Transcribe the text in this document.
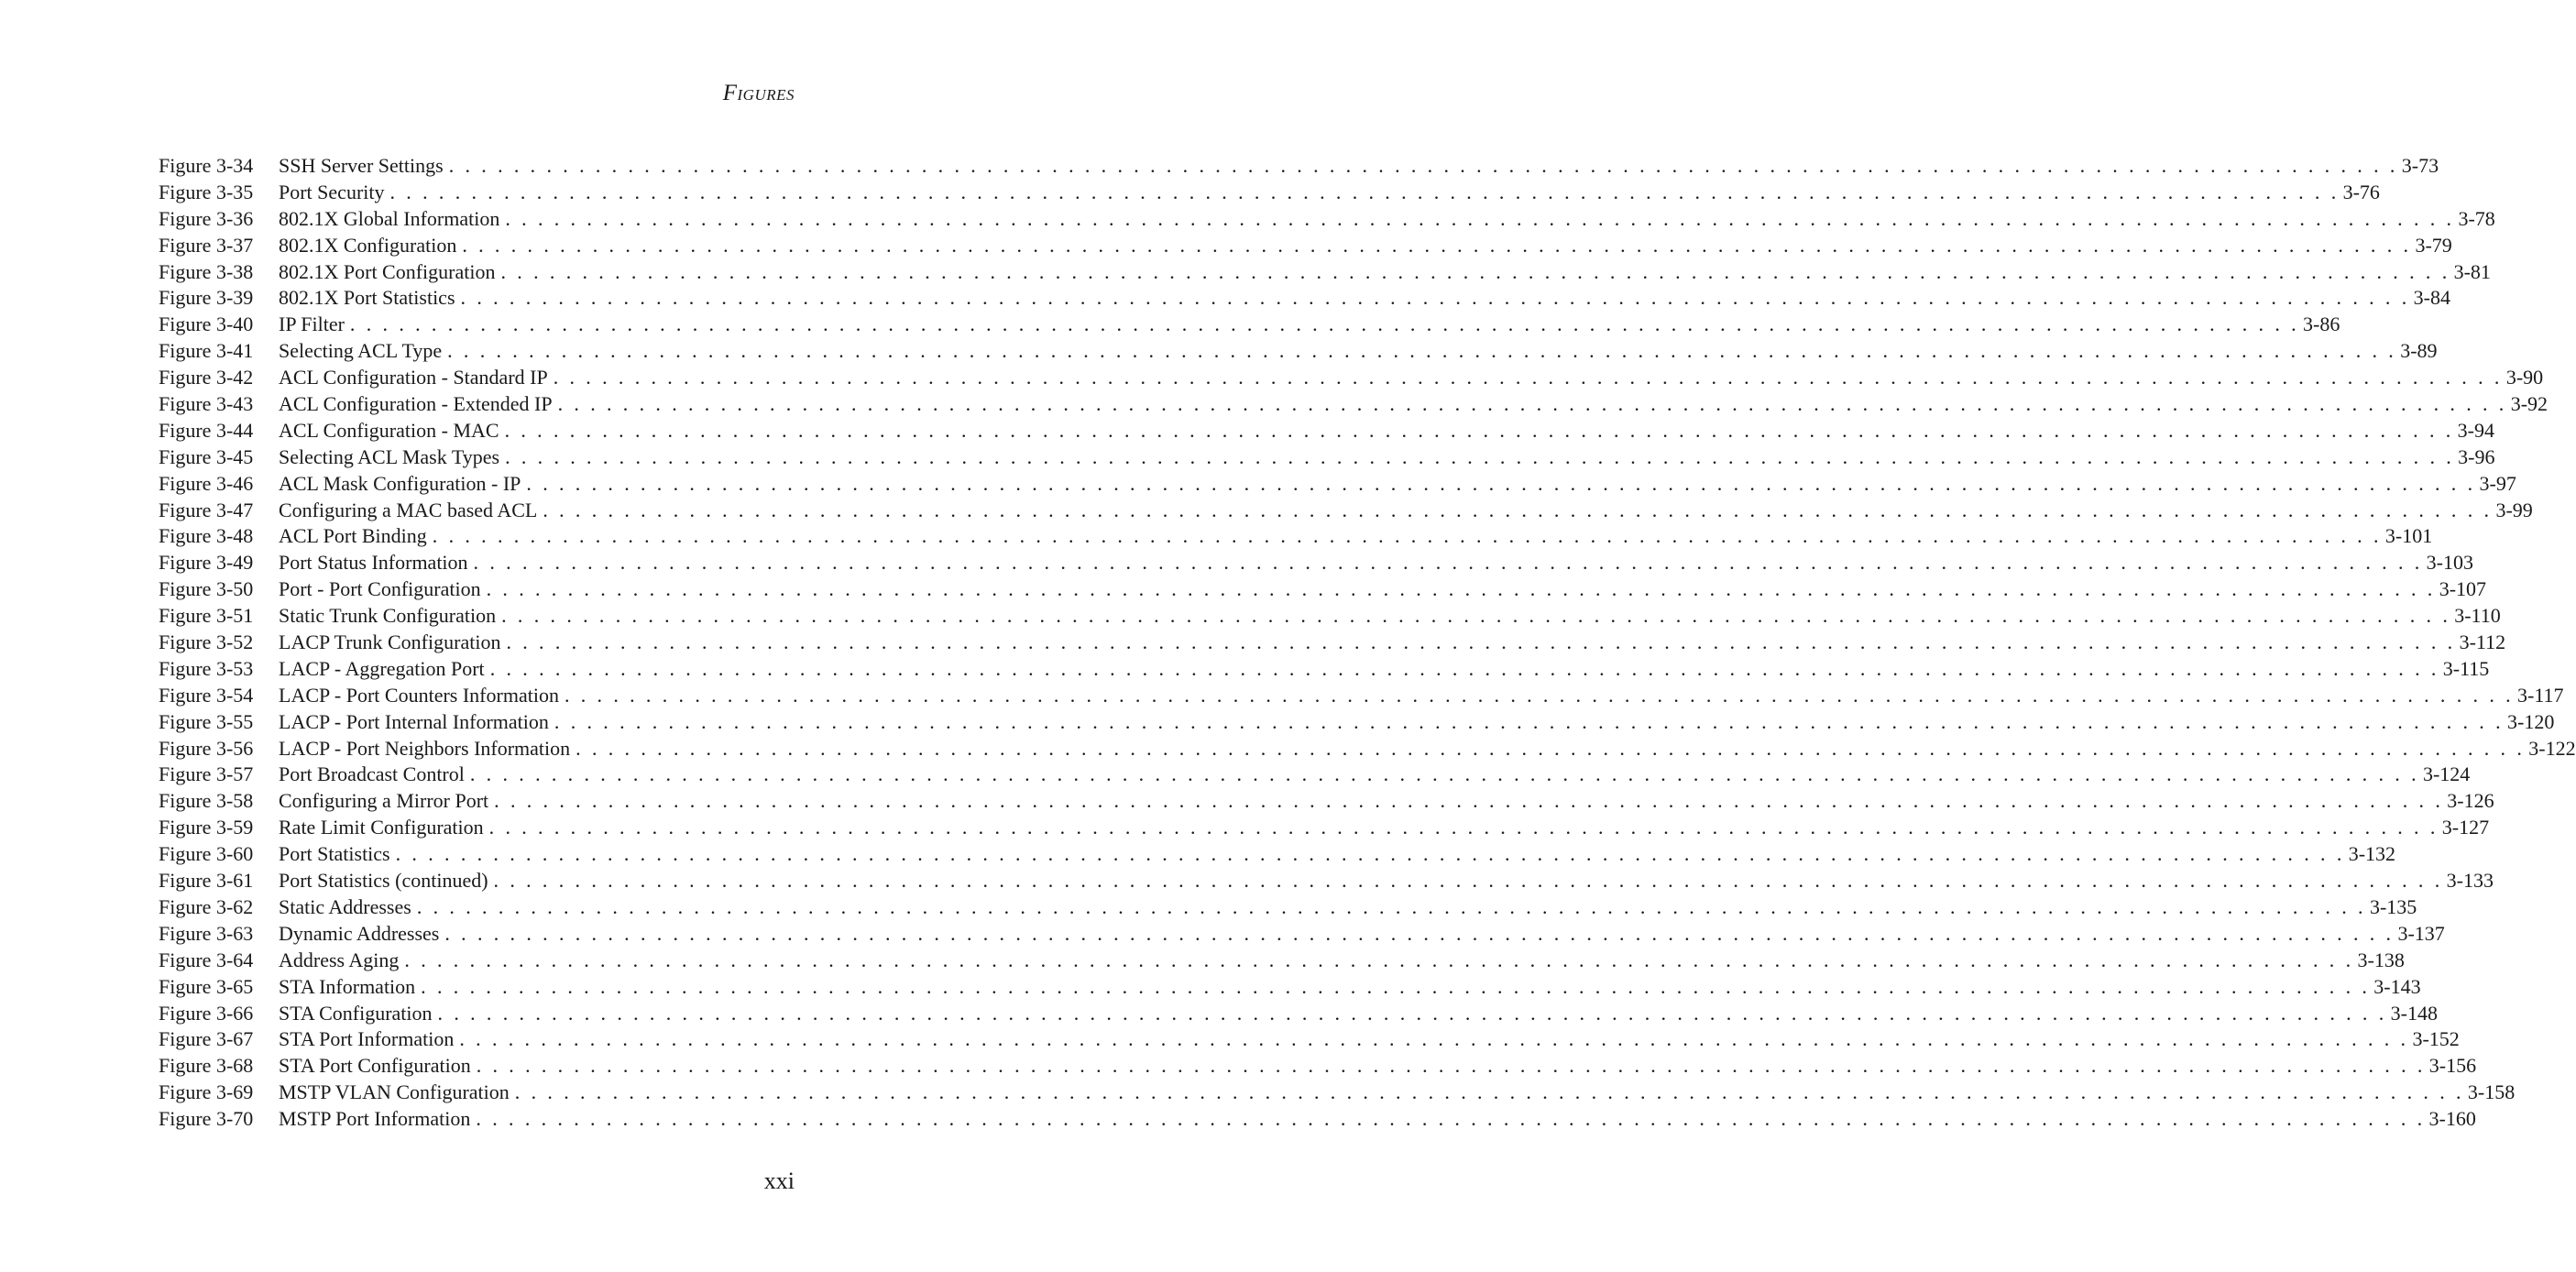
FIGURES
Figure 3-34	SSH Server Settings . . . . . . . . . . . . . . . . . . . . . . . . . . . . . . . . . . . . . . . . . . . . . . . . . . . . . . . . . . . . . . . . . . . . . . . . . . . . . . . . . . . . . . . . . . . . . . . . . . . . . . . . . . . . . . . . . . . . . . . . 3-73
Figure 3-35	Port Security . . . . . . . . . . . . . . . . . . . . . . . . . . . . . . . . . . . . . . . . . . . . . . . . . . . . . . . . . . . . . . . . . . . . . . . . . . . . . . . . . . . . . . . . . . . . . . . . . . . . . . . . . . . . . . . . . . . . . . . . 3-76
Figure 3-36	802.1X Global Information . . . . . . . . . . . . . . . . . . . . . . . . . . . . . . . . . . . . . . . . . . . . . . . . . . . . . . . . . . . . . . . . . . . . . . . . . . . . . . . . . . . . . . . . . . . . . . . . . . . . . . . . . . . . . . . . . . . . . . . . 3-78
Figure 3-37	802.1X Configuration . . . . . . . . . . . . . . . . . . . . . . . . . . . . . . . . . . . . . . . . . . . . . . . . . . . . . . . . . . . . . . . . . . . . . . . . . . . . . . . . . . . . . . . . . . . . . . . . . . . . . . . . . . . . . . . . . . . . . . . . 3-79
Figure 3-38	802.1X Port Configuration . . . . . . . . . . . . . . . . . . . . . . . . . . . . . . . . . . . . . . . . . . . . . . . . . . . . . . . . . . . . . . . . . . . . . . . . . . . . . . . . . . . . . . . . . . . . . . . . . . . . . . . . . . . . . . . . . . . . . . . . 3-81
Figure 3-39	802.1X Port Statistics . . . . . . . . . . . . . . . . . . . . . . . . . . . . . . . . . . . . . . . . . . . . . . . . . . . . . . . . . . . . . . . . . . . . . . . . . . . . . . . . . . . . . . . . . . . . . . . . . . . . . . . . . . . . . . . . . . . . . . . . 3-84
Figure 3-40	IP Filter . . . . . . . . . . . . . . . . . . . . . . . . . . . . . . . . . . . . . . . . . . . . . . . . . . . . . . . . . . . . . . . . . . . . . . . . . . . . . . . . . . . . . . . . . . . . . . . . . . . . . . . . . . . . . . . . . . . . . . . . 3-86
Figure 3-41	Selecting ACL Type . . . . . . . . . . . . . . . . . . . . . . . . . . . . . . . . . . . . . . . . . . . . . . . . . . . . . . . . . . . . . . . . . . . . . . . . . . . . . . . . . . . . . . . . . . . . . . . . . . . . . . . . . . . . . . . . . . . . . . . . 3-89
Figure 3-42	ACL Configuration - Standard IP . . . . . . . . . . . . . . . . . . . . . . . . . . . . . . . . . . . . . . . . . . . . . . . . . . . . . . . . . . . . . . . . . . . . . . . . . . . . . . . . . . . . . . . . . . . . . . . . . . . . . . . . . . . . . . . . . . . . . . . . 3-90
Figure 3-43	ACL Configuration - Extended IP . . . . . . . . . . . . . . . . . . . . . . . . . . . . . . . . . . . . . . . . . . . . . . . . . . . . . . . . . . . . . . . . . . . . . . . . . . . . . . . . . . . . . . . . . . . . . . . . . . . . . . . . . . . . . . . . . . . . . . . . 3-92
Figure 3-44	ACL Configuration - MAC . . . . . . . . . . . . . . . . . . . . . . . . . . . . . . . . . . . . . . . . . . . . . . . . . . . . . . . . . . . . . . . . . . . . . . . . . . . . . . . . . . . . . . . . . . . . . . . . . . . . . . . . . . . . . . . . . . . . . . . . 3-94
Figure 3-45	Selecting ACL Mask Types . . . . . . . . . . . . . . . . . . . . . . . . . . . . . . . . . . . . . . . . . . . . . . . . . . . . . . . . . . . . . . . . . . . . . . . . . . . . . . . . . . . . . . . . . . . . . . . . . . . . . . . . . . . . . . . . . . . . . . . . 3-96
Figure 3-46	ACL Mask Configuration - IP . . . . . . . . . . . . . . . . . . . . . . . . . . . . . . . . . . . . . . . . . . . . . . . . . . . . . . . . . . . . . . . . . . . . . . . . . . . . . . . . . . . . . . . . . . . . . . . . . . . . . . . . . . . . . . . . . . . . . . . . 3-97
Figure 3-47	Configuring a MAC based ACL . . . . . . . . . . . . . . . . . . . . . . . . . . . . . . . . . . . . . . . . . . . . . . . . . . . . . . . . . . . . . . . . . . . . . . . . . . . . . . . . . . . . . . . . . . . . . . . . . . . . . . . . . . . . . . . . . . . . . . . . 3-99
Figure 3-48	ACL Port Binding . . . . . . . . . . . . . . . . . . . . . . . . . . . . . . . . . . . . . . . . . . . . . . . . . . . . . . . . . . . . . . . . . . . . . . . . . . . . . . . . . . . . . . . . . . . . . . . . . . . . . . . . . . . . . . . . . . . . . . . . 3-101
Figure 3-49	Port Status Information . . . . . . . . . . . . . . . . . . . . . . . . . . . . . . . . . . . . . . . . . . . . . . . . . . . . . . . . . . . . . . . . . . . . . . . . . . . . . . . . . . . . . . . . . . . . . . . . . . . . . . . . . . . . . . . . . . . . . . . . 3-103
Figure 3-50	Port - Port Configuration . . . . . . . . . . . . . . . . . . . . . . . . . . . . . . . . . . . . . . . . . . . . . . . . . . . . . . . . . . . . . . . . . . . . . . . . . . . . . . . . . . . . . . . . . . . . . . . . . . . . . . . . . . . . . . . . . . . . . . . . 3-107
Figure 3-51	Static Trunk Configuration . . . . . . . . . . . . . . . . . . . . . . . . . . . . . . . . . . . . . . . . . . . . . . . . . . . . . . . . . . . . . . . . . . . . . . . . . . . . . . . . . . . . . . . . . . . . . . . . . . . . . . . . . . . . . . . . . . . . . . . . 3-110
Figure 3-52	LACP Trunk Configuration . . . . . . . . . . . . . . . . . . . . . . . . . . . . . . . . . . . . . . . . . . . . . . . . . . . . . . . . . . . . . . . . . . . . . . . . . . . . . . . . . . . . . . . . . . . . . . . . . . . . . . . . . . . . . . . . . . . . . . . . 3-112
Figure 3-53	LACP - Aggregation Port . . . . . . . . . . . . . . . . . . . . . . . . . . . . . . . . . . . . . . . . . . . . . . . . . . . . . . . . . . . . . . . . . . . . . . . . . . . . . . . . . . . . . . . . . . . . . . . . . . . . . . . . . . . . . . . . . . . . . . . . 3-115
Figure 3-54	LACP - Port Counters Information . . . . . . . . . . . . . . . . . . . . . . . . . . . . . . . . . . . . . . . . . . . . . . . . . . . . . . . . . . . . . . . . . . . . . . . . . . . . . . . . . . . . . . . . . . . . . . . . . . . . . . . . . . . . . . . . . . . . . . . . 3-117
Figure 3-55	LACP - Port Internal Information . . . . . . . . . . . . . . . . . . . . . . . . . . . . . . . . . . . . . . . . . . . . . . . . . . . . . . . . . . . . . . . . . . . . . . . . . . . . . . . . . . . . . . . . . . . . . . . . . . . . . . . . . . . . . . . . . . . . . . . . 3-120
Figure 3-56	LACP - Port Neighbors Information . . . . . . . . . . . . . . . . . . . . . . . . . . . . . . . . . . . . . . . . . . . . . . . . . . . . . . . . . . . . . . . . . . . . . . . . . . . . . . . . . . . . . . . . . . . . . . . . . . . . . . . . . . . . . . . . . . . . . . . . 3-122
Figure 3-57	Port Broadcast Control . . . . . . . . . . . . . . . . . . . . . . . . . . . . . . . . . . . . . . . . . . . . . . . . . . . . . . . . . . . . . . . . . . . . . . . . . . . . . . . . . . . . . . . . . . . . . . . . . . . . . . . . . . . . . . . . . . . . . . . . 3-124
Figure 3-58	Configuring a Mirror Port . . . . . . . . . . . . . . . . . . . . . . . . . . . . . . . . . . . . . . . . . . . . . . . . . . . . . . . . . . . . . . . . . . . . . . . . . . . . . . . . . . . . . . . . . . . . . . . . . . . . . . . . . . . . . . . . . . . . . . . . 3-126
Figure 3-59	Rate Limit Configuration . . . . . . . . . . . . . . . . . . . . . . . . . . . . . . . . . . . . . . . . . . . . . . . . . . . . . . . . . . . . . . . . . . . . . . . . . . . . . . . . . . . . . . . . . . . . . . . . . . . . . . . . . . . . . . . . . . . . . . . . 3-127
Figure 3-60	Port Statistics . . . . . . . . . . . . . . . . . . . . . . . . . . . . . . . . . . . . . . . . . . . . . . . . . . . . . . . . . . . . . . . . . . . . . . . . . . . . . . . . . . . . . . . . . . . . . . . . . . . . . . . . . . . . . . . . . . . . . . . . 3-132
Figure 3-61	Port Statistics (continued) . . . . . . . . . . . . . . . . . . . . . . . . . . . . . . . . . . . . . . . . . . . . . . . . . . . . . . . . . . . . . . . . . . . . . . . . . . . . . . . . . . . . . . . . . . . . . . . . . . . . . . . . . . . . . . . . . . . . . . . . 3-133
Figure 3-62	Static Addresses . . . . . . . . . . . . . . . . . . . . . . . . . . . . . . . . . . . . . . . . . . . . . . . . . . . . . . . . . . . . . . . . . . . . . . . . . . . . . . . . . . . . . . . . . . . . . . . . . . . . . . . . . . . . . . . . . . . . . . . . 3-135
Figure 3-63	Dynamic Addresses . . . . . . . . . . . . . . . . . . . . . . . . . . . . . . . . . . . . . . . . . . . . . . . . . . . . . . . . . . . . . . . . . . . . . . . . . . . . . . . . . . . . . . . . . . . . . . . . . . . . . . . . . . . . . . . . . . . . . . . . 3-137
Figure 3-64	Address Aging . . . . . . . . . . . . . . . . . . . . . . . . . . . . . . . . . . . . . . . . . . . . . . . . . . . . . . . . . . . . . . . . . . . . . . . . . . . . . . . . . . . . . . . . . . . . . . . . . . . . . . . . . . . . . . . . . . . . . . . . 3-138
Figure 3-65	STA Information . . . . . . . . . . . . . . . . . . . . . . . . . . . . . . . . . . . . . . . . . . . . . . . . . . . . . . . . . . . . . . . . . . . . . . . . . . . . . . . . . . . . . . . . . . . . . . . . . . . . . . . . . . . . . . . . . . . . . . . . 3-143
Figure 3-66	STA Configuration . . . . . . . . . . . . . . . . . . . . . . . . . . . . . . . . . . . . . . . . . . . . . . . . . . . . . . . . . . . . . . . . . . . . . . . . . . . . . . . . . . . . . . . . . . . . . . . . . . . . . . . . . . . . . . . . . . . . . . . . 3-148
Figure 3-67	STA Port Information . . . . . . . . . . . . . . . . . . . . . . . . . . . . . . . . . . . . . . . . . . . . . . . . . . . . . . . . . . . . . . . . . . . . . . . . . . . . . . . . . . . . . . . . . . . . . . . . . . . . . . . . . . . . . . . . . . . . . . . . 3-152
Figure 3-68	STA Port Configuration . . . . . . . . . . . . . . . . . . . . . . . . . . . . . . . . . . . . . . . . . . . . . . . . . . . . . . . . . . . . . . . . . . . . . . . . . . . . . . . . . . . . . . . . . . . . . . . . . . . . . . . . . . . . . . . . . . . . . . . . 3-156
Figure 3-69	MSTP VLAN Configuration . . . . . . . . . . . . . . . . . . . . . . . . . . . . . . . . . . . . . . . . . . . . . . . . . . . . . . . . . . . . . . . . . . . . . . . . . . . . . . . . . . . . . . . . . . . . . . . . . . . . . . . . . . . . . . . . . . . . . . . . 3-158
Figure 3-70	MSTP Port Information . . . . . . . . . . . . . . . . . . . . . . . . . . . . . . . . . . . . . . . . . . . . . . . . . . . . . . . . . . . . . . . . . . . . . . . . . . . . . . . . . . . . . . . . . . . . . . . . . . . . . . . . . . . . . . . . . . . . . . . . 3-160
xxi
